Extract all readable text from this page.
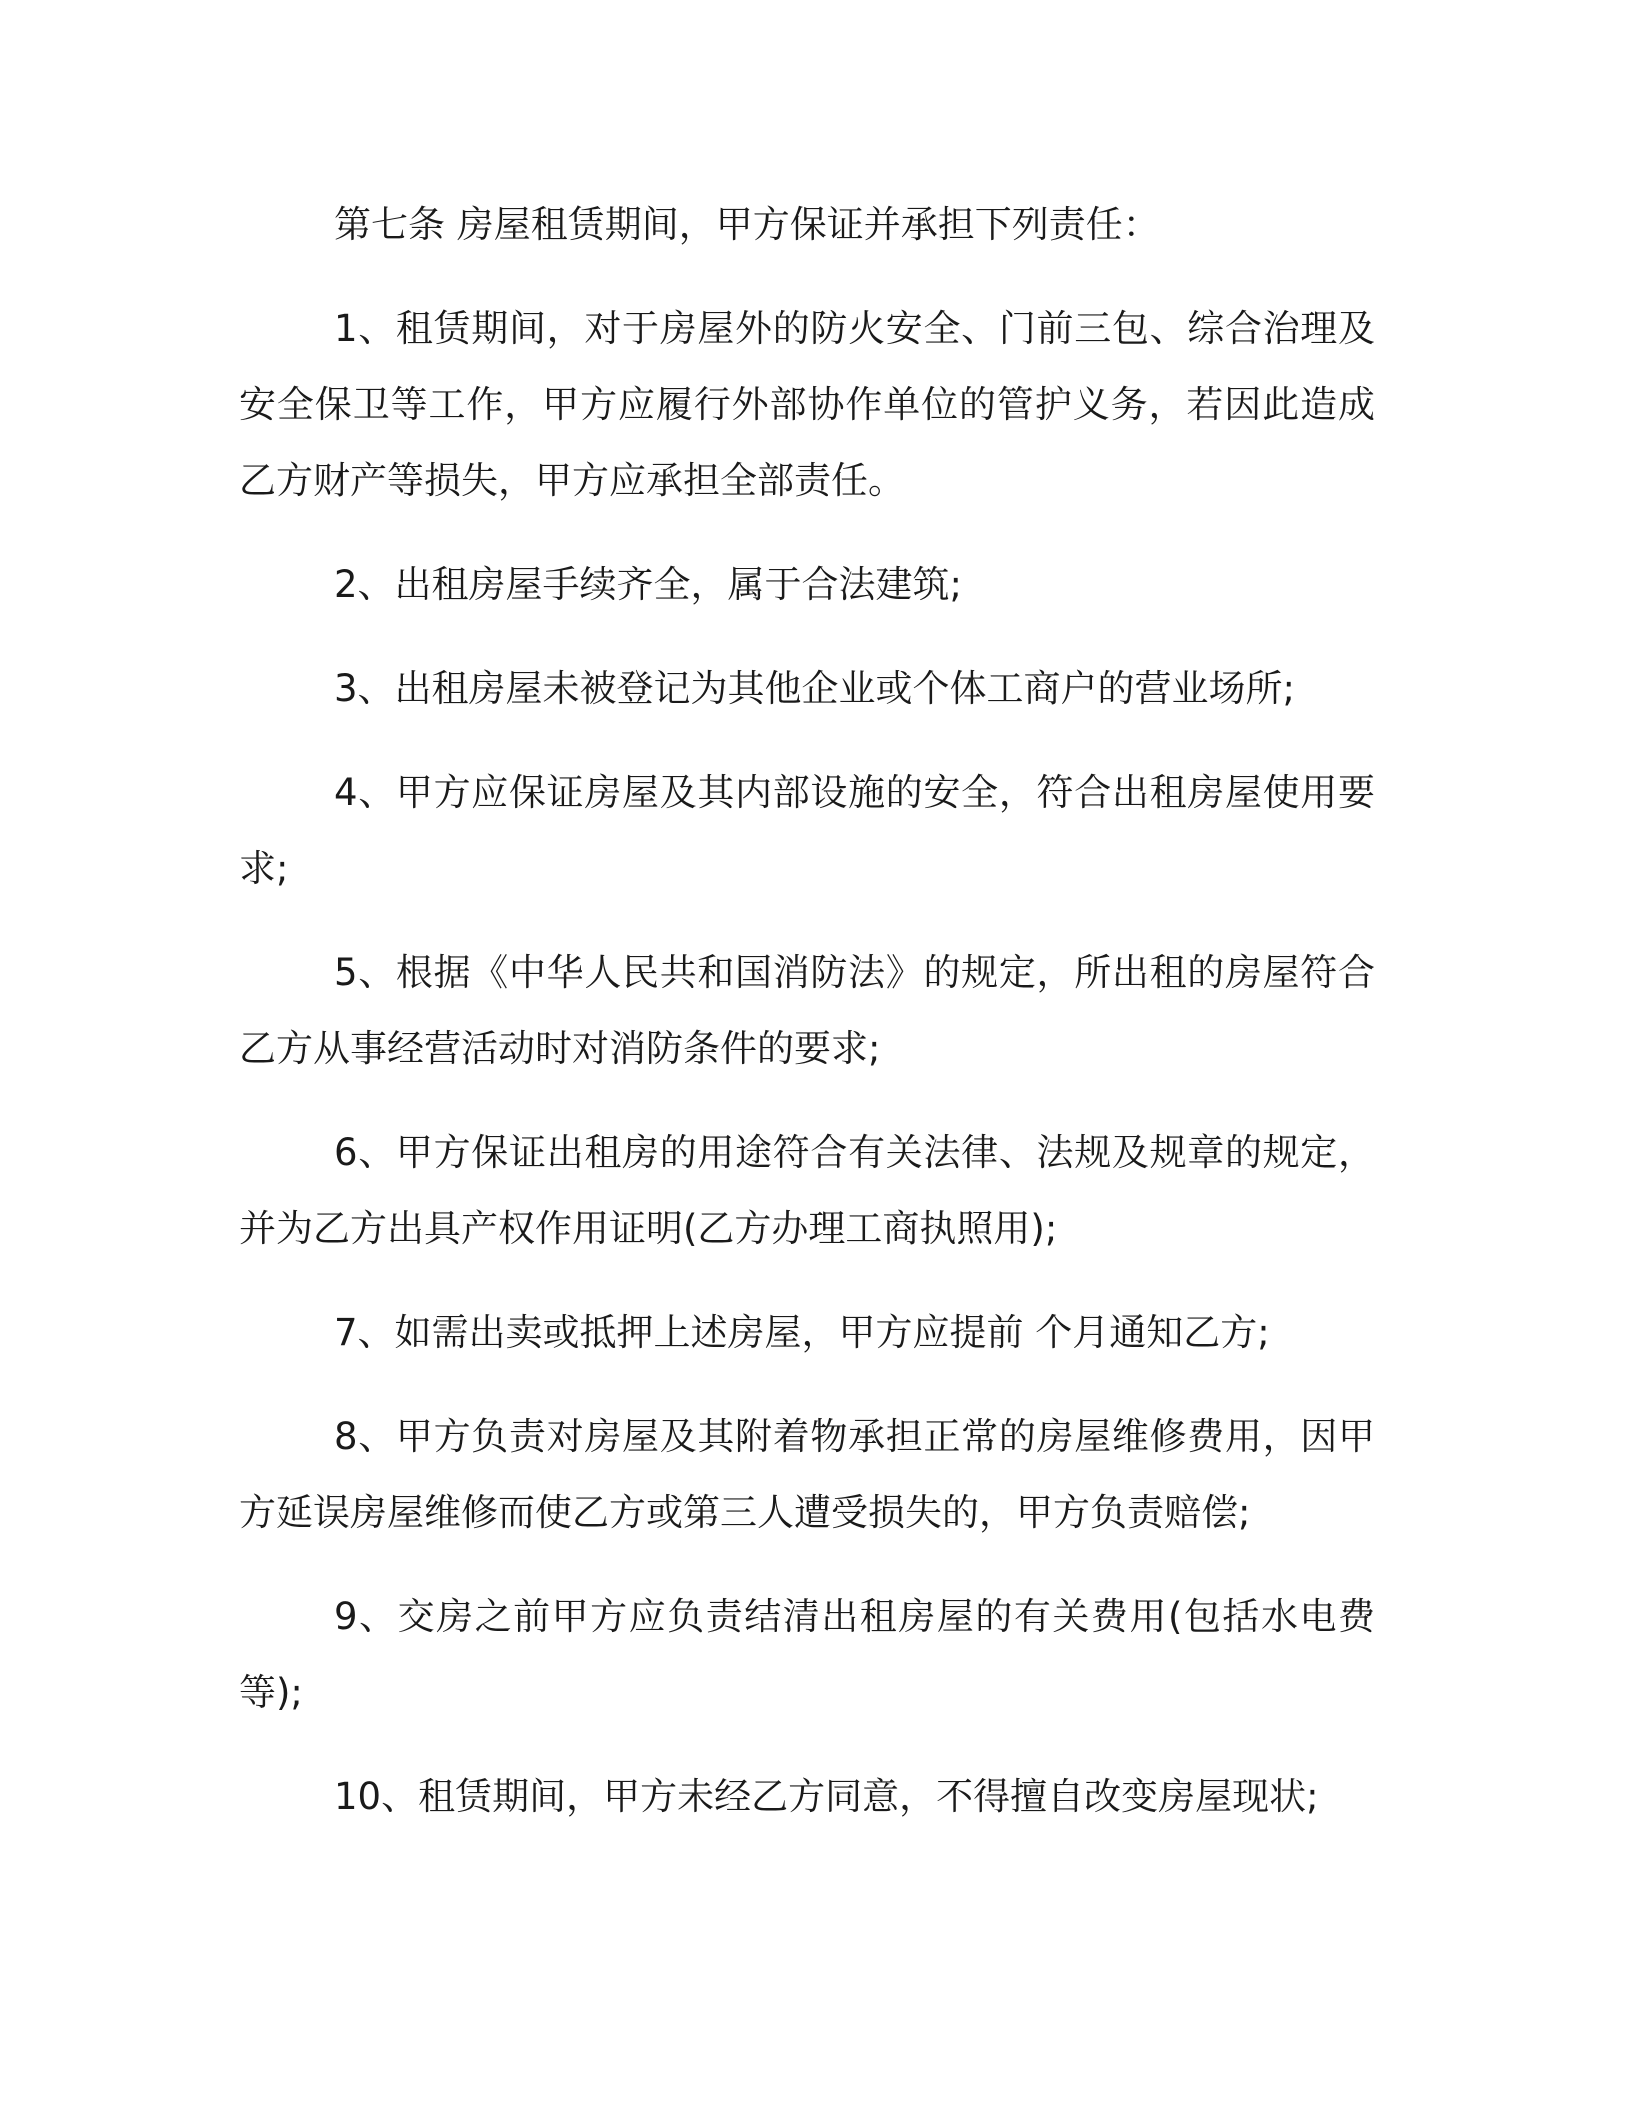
第七条 房屋租赁期间，甲方保证并承担下列责任：

1、租赁期间，对于房屋外的防火安全、门前三包、综合治理及安全保卫等工作，甲方应履行外部协作单位的管护义务，若因此造成乙方财产等损失，甲方应承担全部责任。

2、出租房屋手续齐全，属于合法建筑;

3、出租房屋未被登记为其他企业或个体工商户的营业场所;

4、甲方应保证房屋及其内部设施的安全，符合出租房屋使用要求;

5、根据《中华人民共和国消防法》的规定，所出租的房屋符合乙方从事经营活动时对消防条件的要求;

6、甲方保证出租房的用途符合有关法律、法规及规章的规定，并为乙方出具产权作用证明(乙方办理工商执照用);

7、如需出卖或抵押上述房屋，甲方应提前 个月通知乙方;

8、甲方负责对房屋及其附着物承担正常的房屋维修费用，因甲方延误房屋维修而使乙方或第三人遭受损失的，甲方负责赔偿;

9、交房之前甲方应负责结清出租房屋的有关费用(包括水电费等);

10、租赁期间，甲方未经乙方同意，不得擅自改变房屋现状;
